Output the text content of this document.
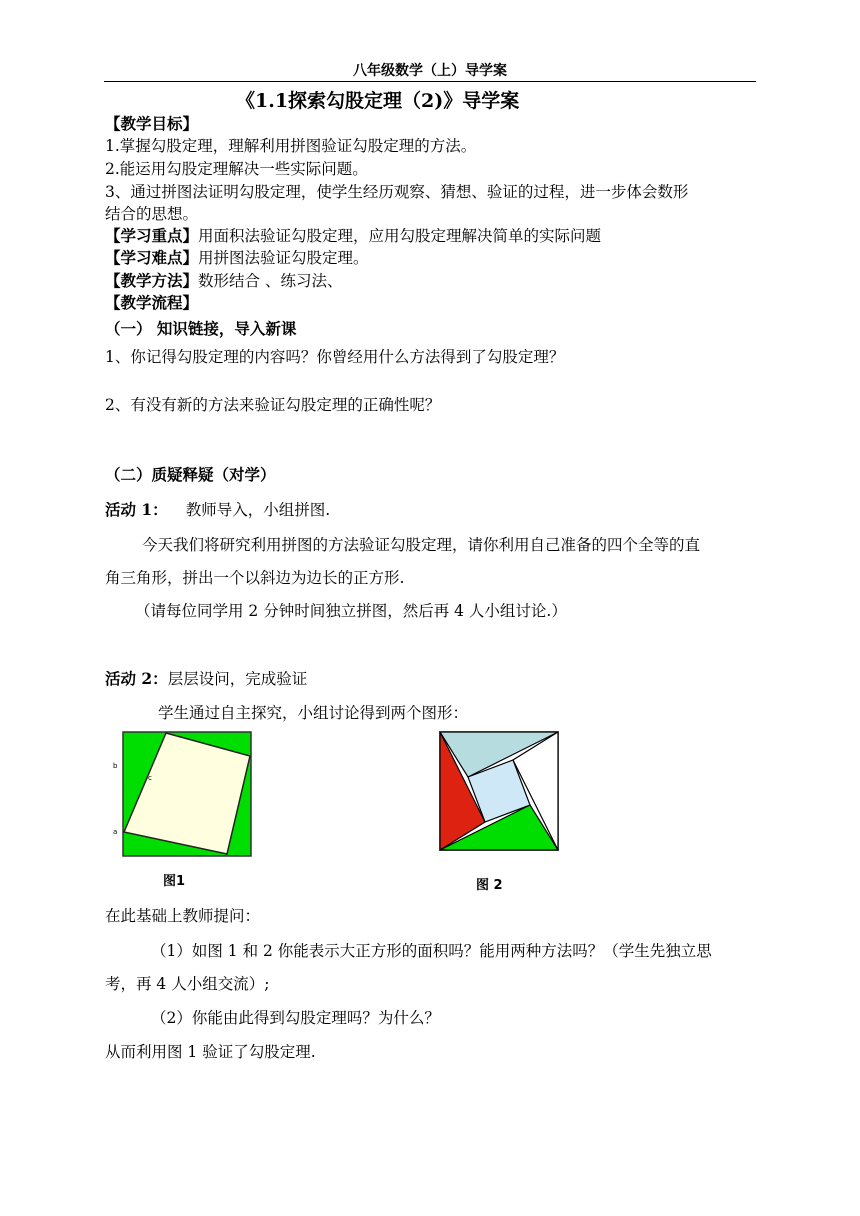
八年级数学（上）导学案
《1.1探索勾股定理（2)》导学案
【教学目标】
1.掌握勾股定理，理解利用拼图验证勾股定理的方法。
2.能运用勾股定理解决一些实际问题。
3、通过拼图法证明勾股定理，使学生经历观察、猜想、验证的过程，进一步体会数形
结合的思想。
【学习重点】用面积法验证勾股定理，应用勾股定理解决简单的实际问题
【学习难点】用拼图法验证勾股定理。
【教学方法】数形结合 、练习法、
【教学流程】
（一） 知识链接，导入新课
1、你记得勾股定理的内容吗？你曾经用什么方法得到了勾股定理？
2、有没有新的方法来验证勾股定理的正确性呢？
（二）质疑释疑（对学）
活动 1： 教师导入，小组拼图.
今天我们将研究利用拼图的方法验证勾股定理，请你利用自己准备的四个全等的直
角三角形，拼出一个以斜边为边长的正方形.
（请每位同学用 2 分钟时间独立拼图，然后再 4 人小组讨论.）
活动 2：层层设问，完成验证
学生通过自主探究，小组讨论得到两个图形：
c
b
a
图1	图 2
在此基础上教师提问：
（1）如图 1 和 2 你能表示大正方形的面积吗？能用两种方法吗？（学生先独立思
考，再 4 人小组交流）;
（2）你能由此得到勾股定理吗？为什么？
从而利用图 1 验证了勾股定理.
